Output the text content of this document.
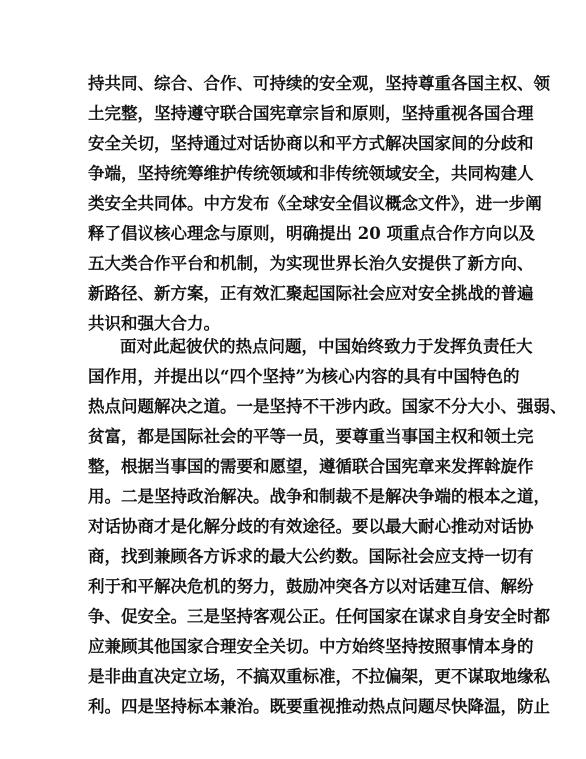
持共同、综合、合作、可持续的安全观，坚持尊重各国主权、领
土完整，坚持遵守联合国宪章宗旨和原则，坚持重视各国合理
安全关切，坚持通过对话协商以和平方式解决国家间的分歧和
争端，坚持统筹维护传统领域和非传统领域安全，共同构建人
类安全共同体。中方发布《全球安全倡议概念文件》，进一步阐
释了倡议核心理念与原则，明确提出 20 项重点合作方向以及
五大类合作平台和机制，为实现世界长治久安提供了新方向、
新路径、新方案，正有效汇聚起国际社会应对安全挑战的普遍
共识和强大合力。
面对此起彼伏的热点问题，中国始终致力于发挥负责任大
国作用，并提出以“四个坚持”为核心内容的具有中国特色的
热点问题解决之道。一是坚持不干涉内政。国家不分大小、强弱、
贫富，都是国际社会的平等一员，要尊重当事国主权和领土完
整，根据当事国的需要和愿望，遵循联合国宪章来发挥斡旋作
用。二是坚持政治解决。战争和制裁不是解决争端的根本之道，
对话协商才是化解分歧的有效途径。要以最大耐心推动对话协
商，找到兼顾各方诉求的最大公约数。国际社会应支持一切有
利于和平解决危机的努力，鼓励冲突各方以对话建互信、解纷
争、促安全。三是坚持客观公正。任何国家在谋求自身安全时都
应兼顾其他国家合理安全关切。中方始终坚持按照事情本身的
是非曲直决定立场，不搞双重标准，不拉偏架，更不谋取地缘私
利。四是坚持标本兼治。既要重视推动热点问题尽快降温，防止
